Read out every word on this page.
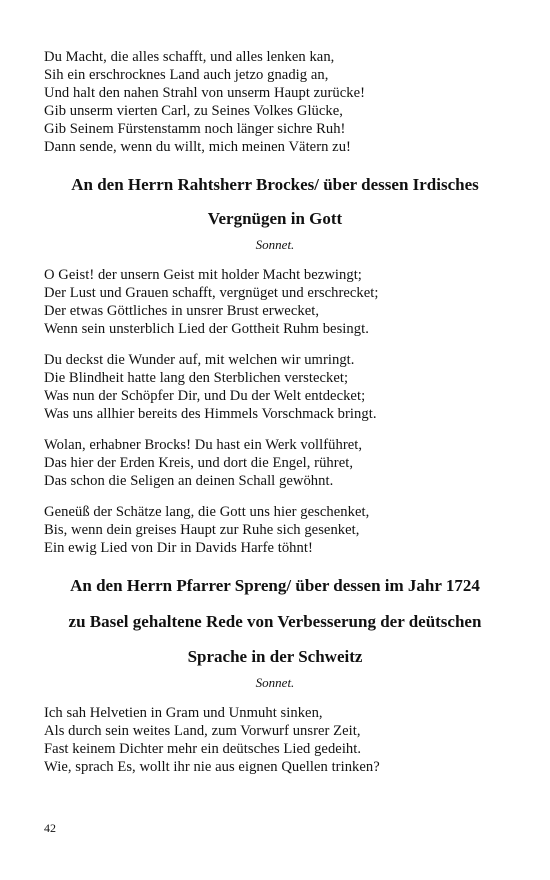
Du Macht, die alles schafft, und alles lenken kan,
Sih ein erschrocknes Land auch jetzo gnadig an,
Und halt den nahen Strahl von unserm Haupt zurücke!
Gib unserm vierten Carl, zu Seines Volkes Glücke,
Gib Seinem Fürstenstamm noch länger sichre Ruh!
Dann sende, wenn du willt, mich meinen Vätern zu!
An den Herrn Rahtsherr Brockes/ über dessen Irdisches
Vergnügen in Gott
Sonnet.
O Geist! der unsern Geist mit holder Macht bezwingt;
Der Lust und Grauen schafft, vergnüget und erschrecket;
Der etwas Göttliches in unsrer Brust erwecket,
Wenn sein unsterblich Lied der Gottheit Ruhm besingt.
Du deckst die Wunder auf, mit welchen wir umringt.
Die Blindheit hatte lang den Sterblichen verstecket;
Was nun der Schöpfer Dir, und Du der Welt entdecket;
Was uns allhier bereits des Himmels Vorschmack bringt.
Wolan, erhabner Brocks! Du hast ein Werk vollführet,
Das hier der Erden Kreis, und dort die Engel, rühret,
Das schon die Seligen an deinen Schall gewöhnt.
Geneüß der Schätze lang, die Gott uns hier geschenket,
Bis, wenn dein greises Haupt zur Ruhe sich gesenket,
Ein ewig Lied von Dir in Davids Harfe töhnt!
An den Herrn Pfarrer Spreng/ über dessen im Jahr 1724
zu Basel gehaltene Rede von Verbesserung der deütschen
Sprache in der Schweitz
Sonnet.
Ich sah Helvetien in Gram und Unmuht sinken,
Als durch sein weites Land, zum Vorwurf unsrer Zeit,
Fast keinem Dichter mehr ein deütsches Lied gedeiht.
Wie, sprach Es, wollt ihr nie aus eignen Quellen trinken?
42
